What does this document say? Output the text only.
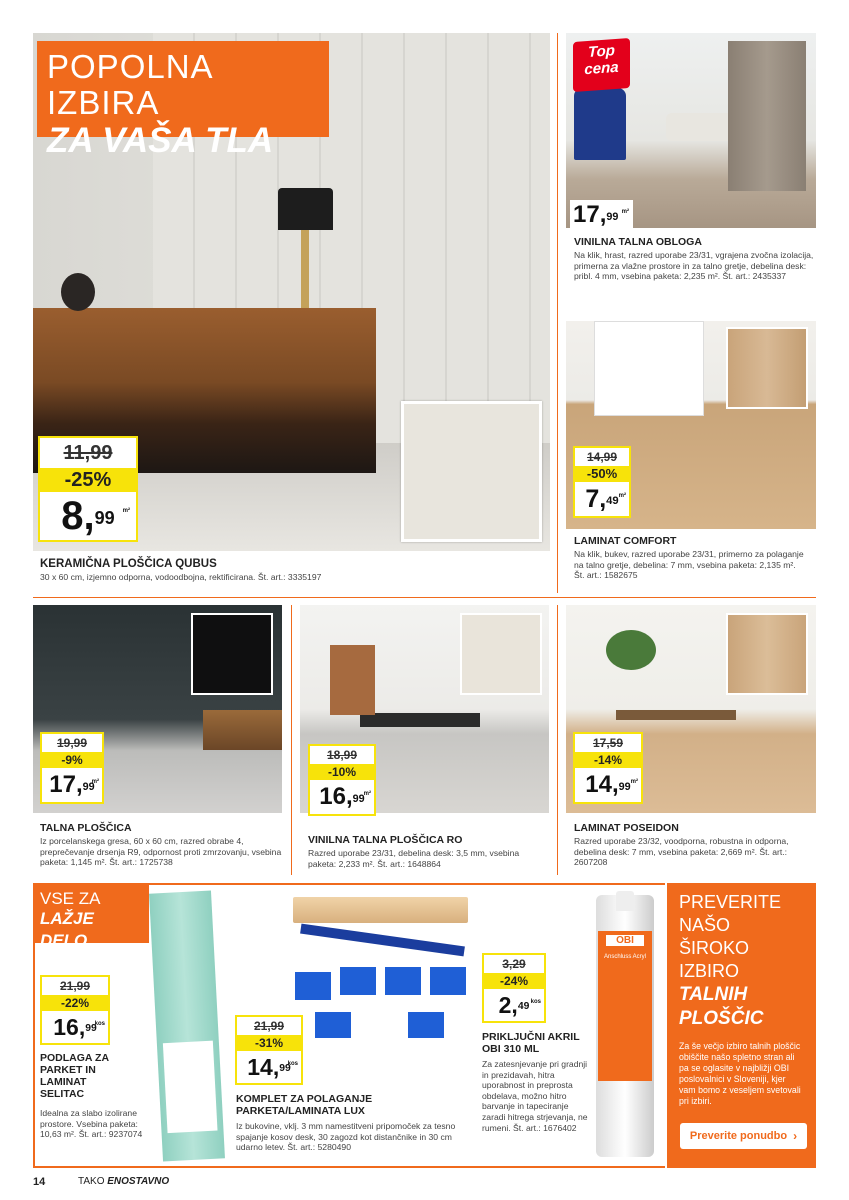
POPOLNA IZBIRA
ZA VAŠA TLA
11,99
-25%
8,99 m²
KERAMIČNA PLOŠČICA QUBUS
30 x 60 cm, izjemno odporna, vodoodbojna, rektificirana. Št. art.: 3335197
Top
cena
17,99 m²
VINILNA TALNA OBLOGA
Na klik, hrast, razred uporabe 23/31, vgrajena zvočna izolacija, primerna za vlažne prostore in za talno gretje, debelina desk: pribl. 4 mm, vsebina paketa: 2,235 m². Št. art.: 2435337
14,99
-50%
7,49 m²
LAMINAT COMFORT
Na klik, bukev, razred uporabe 23/31, primerno za polaganje na talno gretje, debelina: 7 mm, vsebina paketa: 2,135 m². Št. art.: 1582675
19,99
-9%
17,99
m²
TALNA PLOŠČICA
Iz porcelanskega gresa, 60 x 60 cm, razred obrabe 4, preprečevanje drsenja R9, odpornost proti zmrzovanju, vsebina paketa: 1,145 m². Št. art.: 1725738
18,99
-10%
16,99
m²
VINILNA TALNA PLOŠČICA RO
Razred uporabe 23/31, debelina desk: 3,5 mm, vsebina paketa: 2,233 m². Št. art.: 1648864
17,59
-14%
14,99 m²
LAMINAT POSEIDON
Razred uporabe 23/32, voodporna, robustna in odporna, debelina desk: 7 mm, vsebina paketa: 2,669 m². Št. art.: 2607208
VSE ZA
LAŽJE DELO
21,99
-22%
16,99
kos
PODLAGA ZA PARKET IN LAMINAT SELITAC
Idealna za slabo izolirane prostore. Vsebina paketa: 10,63 m². Št. art.: 9237074
21,99
-31%
14,99
kos
KOMPLET ZA POLAGANJE PARKETA/LAMINATA LUX
Iz bukovine, vklj. 3 mm namestitveni pripomoček za tesno spajanje kosov desk, 30 zagozd kot distančnike in 30 cm udarno letev. Št. art.: 5280490
3,29
-24%
2,49 kos
PRIKLJUČNI AKRIL OBI 310 ML
Za zatesnjevanje pri gradnji in prezidavah, hitra uporabnost in preprosta obdelava, možno hitro barvanje in tapeciranje zaradi hitrega strjevanja, ne rumeni. Št. art.: 1676402
OBI
Anschluss Acryl
PREVERITE
NAŠO ŠIROKO
IZBIRO
TALNIH
PLOŠČIC
Za še večjo izbiro talnih ploščic obiščite našo spletno stran ali pa se oglasite v najbližji OBI poslovalnici v Sloveniji, kjer vam bomo z veseljem svetovali pri izbiri.
Preverite ponudbo ›
14	TAKO ENOSTAVNO
